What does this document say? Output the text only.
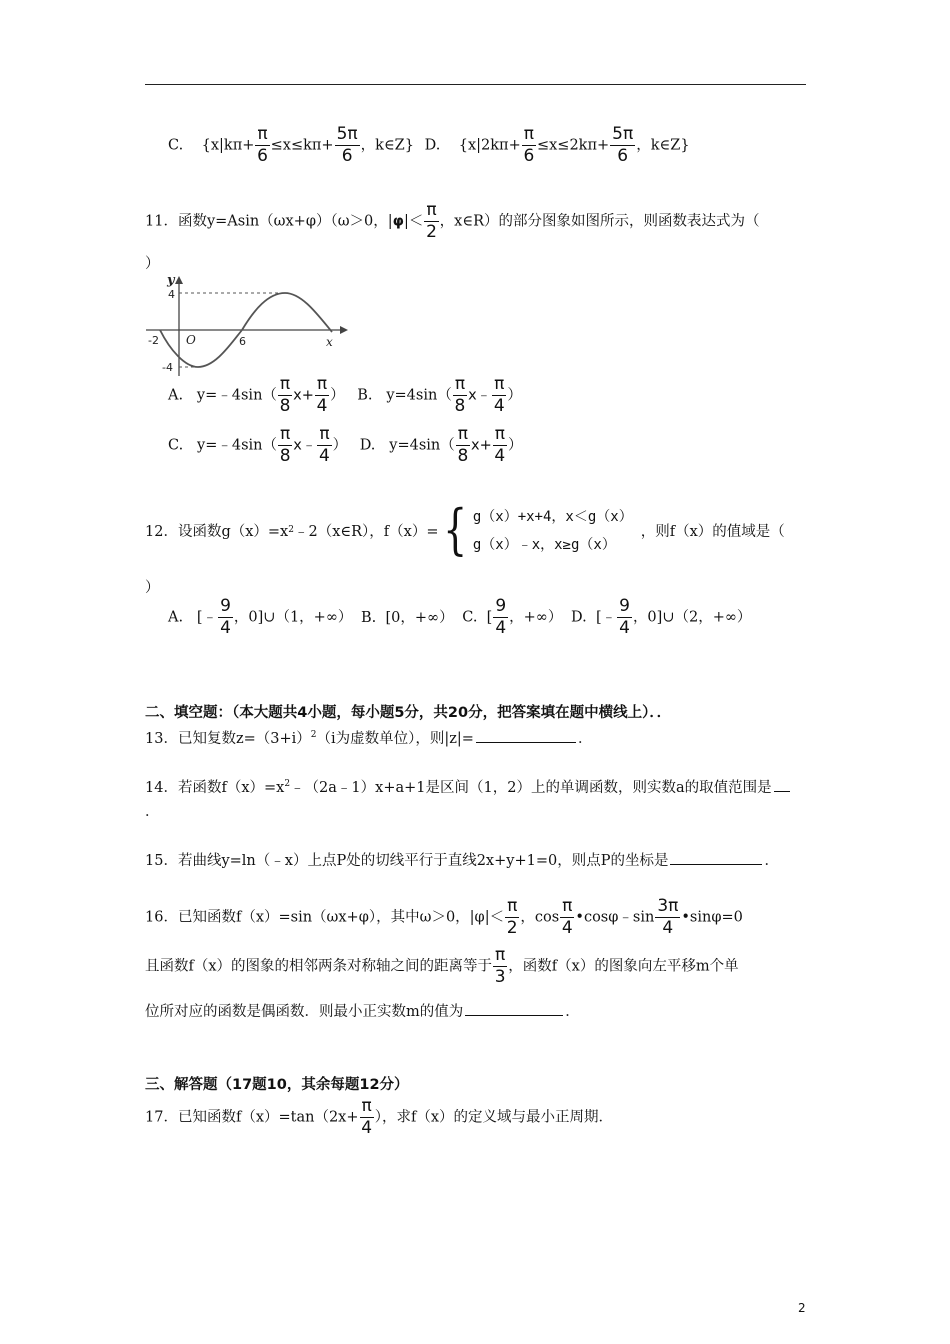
C. {$x|k\pi+ \frac{\pi}{6} \le x\le k\pi+ \frac{5\pi}{6}$ ，k∈Z} D. {$x|2k\pi+ \frac{\pi}{6} \le x\le 2k\pi+ \frac{5\pi}{6}$ ，k∈Z}
11．函数y=Asin（ωx+φ）（ω＞0，$|\varphi|< \frac{\pi}{2}$ ，x∈R）的部分图象如图所示，则函数表达式为（
）
y
4
-2 O	6	x
-4
A. y=﹣4sin（ $\frac{\pi}{8} x+ \frac{\pi}{4}$ ） B. $y=4\sin( \frac{\pi}{8}$ x﹣ $\frac{\pi}{4}$ ）
C. y=﹣4sin（ $\frac{\pi}{8}$ x﹣ $\frac{\pi}{4}$ ） D. $y=4\sin( \frac{\pi}{8} x+ \frac{\pi}{4}$ ）
12．设函数g（x）=x 2 ﹣2（x∈R），f（x）= { g（x）+x+4，x＜g（x）
g（x）﹣x，x≥g（x）
，则f（x）的值域是（
）
A. [﹣ $\frac{9}{4}$ ，0]∪（1，+∞） B. [0，+∞） C. [ $\frac{9}{4}$ ，+∞） D. [﹣ $\frac{9}{4}$ ，0]∪（2，+∞）
二、填空题：（本大题共4小题，每小题5分，共20分，把答案填在题中横线上）．．
13．已知复数$z=(3+i)^2(i$为虚数单位），则|z|=	．
14．若函数$f(x)=x^2﹣(2a﹣1)x+a+1$是区间（1，2）上的单调函数，则实数a的取值范围是
．
15．若曲线y=ln（﹣x）上点P处的切线平行于直线2x+y+1=0，则点P的坐标是	．
16．已知函数f（x）=sin（ωx+φ），其中ω＞0，$|\varphi|< \frac{\pi}{2}$ ，$\cos \frac{\pi}{4}$ •cosφ﹣sin $\frac{3\pi}{4}$ •sinφ=0
且函数f（x）的图象的相邻两条对称轴之间的距离等于 $\frac{\pi}{3}$ ，函数f（x）的图象向左平移m个单
位所对应的函数是偶函数．则最小正实数m的值为	．
三、解答题（17题10，其余每题12分）
17．已知函数$f(x)=\tan(2x+ \frac{\pi}{4}$ ），求f（x）的定义域与最小正周期．
2
